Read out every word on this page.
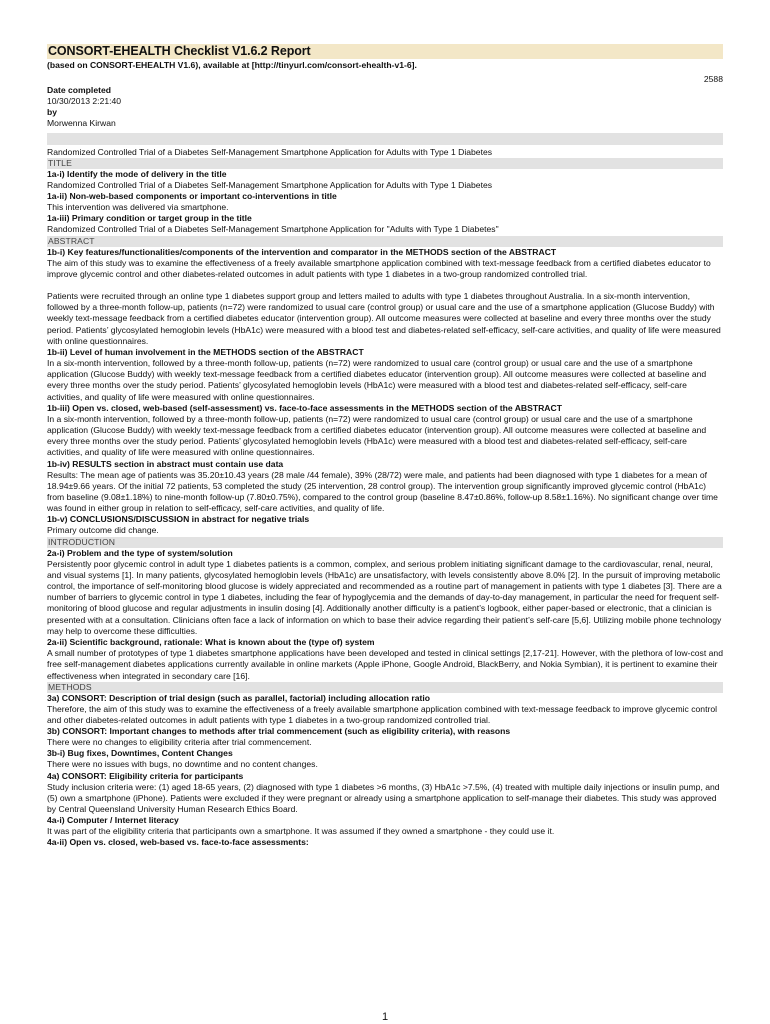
CONSORT-EHEALTH Checklist V1.6.2 Report
(based on CONSORT-EHEALTH V1.6), available at [http://tinyurl.com/consort-ehealth-v1-6].
2588
Date completed
10/30/2013 2:21:40
by
Morwenna Kirwan
Randomized Controlled Trial of a Diabetes Self-Management Smartphone Application for Adults with Type 1 Diabetes
TITLE
1a-i) Identify the mode of delivery in the title

Randomized Controlled Trial of a Diabetes Self-Management Smartphone Application for Adults with Type 1 Diabetes

1a-ii) Non-web-based components or important co-interventions in title

This intervention was delivered via smartphone.

1a-iii) Primary condition or target group in the title

Randomized Controlled Trial of a Diabetes Self-Management Smartphone Application for "Adults with Type 1 Diabetes"

ABSTRACT
1b-i) Key features/functionalities/components of the intervention and comparator in the METHODS section of the ABSTRACT

The aim of this study was to examine the effectiveness of a freely available smartphone application combined with text-message feedback from a certified diabetes educator to improve glycemic control and other diabetes-related outcomes in adult patients with type 1 diabetes in a two-group randomized controlled trial.

Patients were recruited through an online type 1 diabetes support group and letters mailed to adults with type 1 diabetes throughout Australia. In a six-month intervention, followed by a three-month follow-up, patients (n=72) were randomized to usual care (control group) or usual care and the use of a smartphone application (Glucose Buddy) with weekly text-message feedback from a certified diabetes educator (intervention group). All outcome measures were collected at baseline and every three months over the study period. Patients’ glycosylated hemoglobin levels (HbA1c) were measured with a blood test and diabetes-related self-efficacy, self-care activities, and quality of life were measured with online questionnaires.

1b-ii) Level of human involvement in the METHODS section of the ABSTRACT

In a six-month intervention, followed by a three-month follow-up, patients (n=72) were randomized to usual care (control group) or usual care and the use of a smartphone application (Glucose Buddy) with weekly text-message feedback from a certified diabetes educator (intervention group). All outcome measures were collected at baseline and every three months over the study period. Patients’ glycosylated hemoglobin levels (HbA1c) were measured with a blood test and diabetes-related self-efficacy, self-care activities, and quality of life were measured with online questionnaires.

1b-iii) Open vs. closed, web-based (self-assessment) vs. face-to-face assessments in the METHODS section of the ABSTRACT

In a six-month intervention, followed by a three-month follow-up, patients (n=72) were randomized to usual care (control group) or usual care and the use of a smartphone application (Glucose Buddy) with weekly text-message feedback from a certified diabetes educator (intervention group). All outcome measures were collected at baseline and every three months over the study period. Patients’ glycosylated hemoglobin levels (HbA1c) were measured with a blood test and diabetes-related self-efficacy, self-care activities, and quality of life were measured with online questionnaires.

1b-iv) RESULTS section in abstract must contain use data

Results: The mean age of patients was 35.20±10.43 years (28 male /44 female), 39% (28/72) were male, and patients had been diagnosed with type 1 diabetes for a mean of 18.94±9.66 years. Of the initial 72 patients, 53 completed the study (25 intervention, 28 control group). The intervention group significantly improved glycemic control (HbA1c) from baseline (9.08±1.18%) to nine-month follow-up (7.80±0.75%), compared to the control group (baseline 8.47±0.86%, follow-up 8.58±1.16%). No significant change over time was found in either group in relation to self-efficacy, self-care activities, and quality of life.

1b-v) CONCLUSIONS/DISCUSSION in abstract for negative trials

Primary outcome did change.

INTRODUCTION
2a-i) Problem and the type of system/solution

Persistently poor glycemic control in adult type 1 diabetes patients is a common, complex, and serious problem initiating significant damage to the cardiovascular, renal, neural, and visual systems [1]. In many patients, glycosylated hemoglobin levels (HbA1c) are unsatisfactory, with levels consistently above 8.0% [2]. In the pursuit of improving metabolic control, the importance of self-monitoring blood glucose is widely appreciated and recommended as a routine part of management in patients with type 1 diabetes [3]. There are a number of barriers to glycemic control in type 1 diabetes, including the fear of hypoglycemia and the demands of day-to-day management, in particular the need for frequent self-monitoring of blood glucose and regular adjustments in insulin dosing [4]. Additionally another difficulty is a patient’s logbook, either paper-based or electronic, that a clinician is presented with at a consultation. Clinicians often face a lack of information on which to base their advice regarding their patient’s self-care [5,6]. Utilizing mobile phone technology may help to overcome these difficulties.

2a-ii) Scientific background, rationale: What is known about the (type of) system

A small number of prototypes of type 1 diabetes smartphone applications have been developed and tested in clinical settings [2,17-21]. However, with the plethora of low-cost and free self-management diabetes applications currently available in online markets (Apple iPhone, Google Android, BlackBerry, and Nokia Symbian), it is pertinent to examine their effectiveness when integrated in secondary care [16].

METHODS
3a) CONSORT: Description of trial design (such as parallel, factorial) including allocation ratio

Therefore, the aim of this study was to examine the effectiveness of a freely available smartphone application combined with text-message feedback to improve glycemic control and other diabetes-related outcomes in adult patients with type 1 diabetes in a two-group randomized controlled trial.

3b) CONSORT: Important changes to methods after trial commencement (such as eligibility criteria), with reasons

There were no changes to eligibility criteria after trial commencement.

3b-i) Bug fixes, Downtimes, Content Changes

There were no issues with bugs, no downtime and no content changes.

4a) CONSORT: Eligibility criteria for participants

Study inclusion criteria were: (1) aged 18-65 years, (2) diagnosed with type 1 diabetes >6 months, (3) HbA1c >7.5%, (4) treated with multiple daily injections or insulin pump, and (5) own a smartphone (iPhone). Patients were excluded if they were pregnant or already using a smartphone application to self-manage their diabetes. This study was approved by Central Queensland University Human Research Ethics Board.

4a-i) Computer / Internet literacy

It was part of the eligibility criteria that participants own a smartphone. It was assumed if they owned a smartphone - they could use it.

4a-ii) Open vs. closed, web-based vs. face-to-face assessments:
1
